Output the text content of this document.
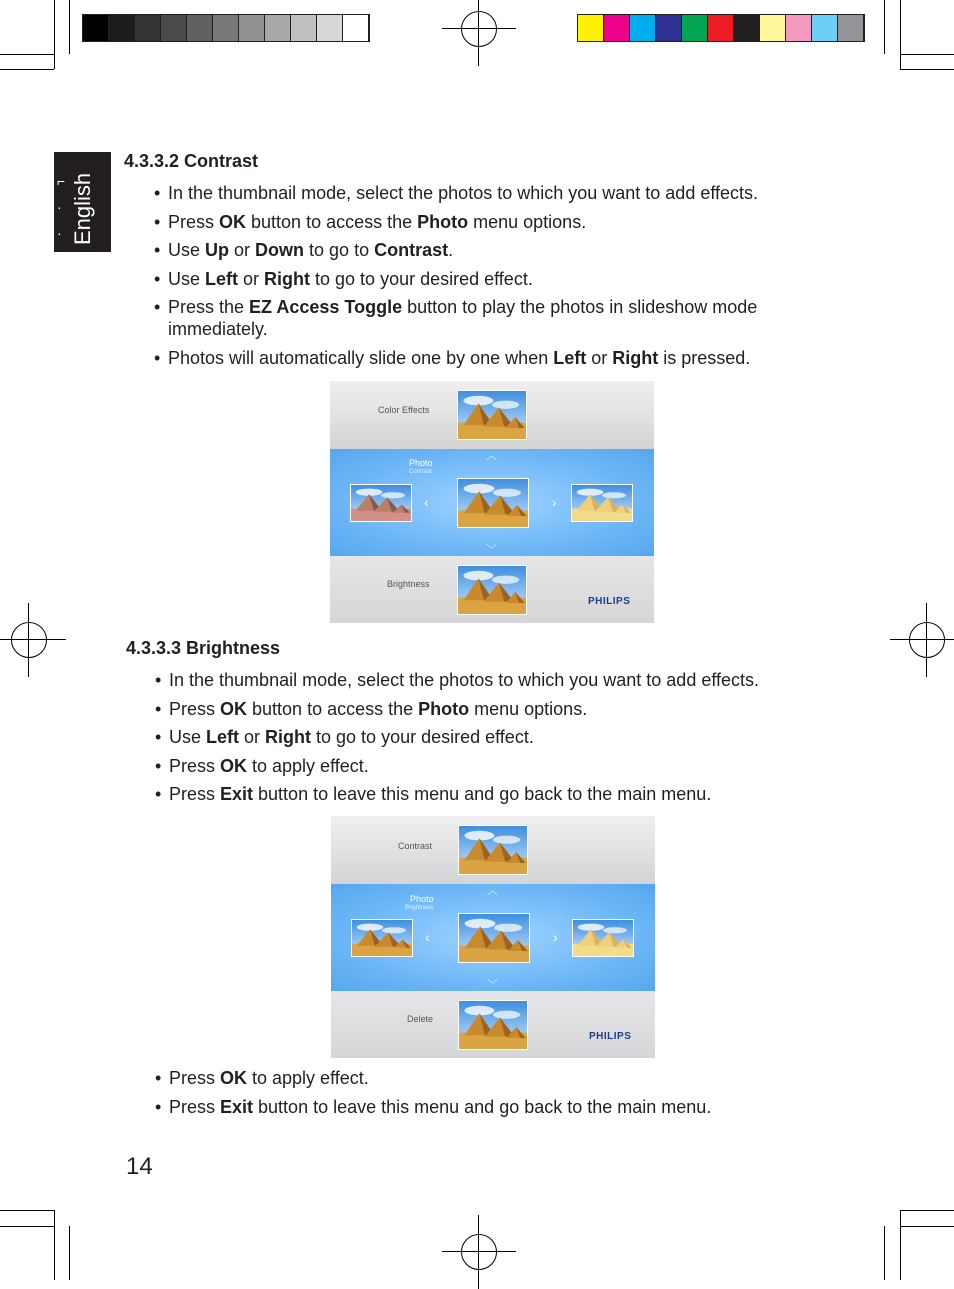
⌐
·
· English
4.3.3.2 Contrast
• In the thumbnail mode, select the photos to which you want to add effects.
• Press OK button to access the Photo menu options.
• Use Up or Down to go to Contrast.
• Use Left or Right to go to your desired effect.
• Press the EZ Access Toggle button to play the photos in slideshow mode immediately.
• Photos will automatically slide one by one when Left or Right is pressed.
Color Effects
Photo
Contrast
Brightness
‹	›
︿
﹀
PHILIPS
4.3.3.3 Brightness
• In the thumbnail mode, select the photos to which you want to add effects.
• Press OK button to access the Photo menu options.
• Use Left or Right to go to your desired effect.
• Press OK to apply effect.
• Press Exit button to leave this menu and go back to the main menu.
Contrast
Photo
Brightness
Delete
‹	›
︿
﹀
PHILIPS
• Press OK to apply effect.
• Press Exit button to leave this menu and go back to the main menu.
14
